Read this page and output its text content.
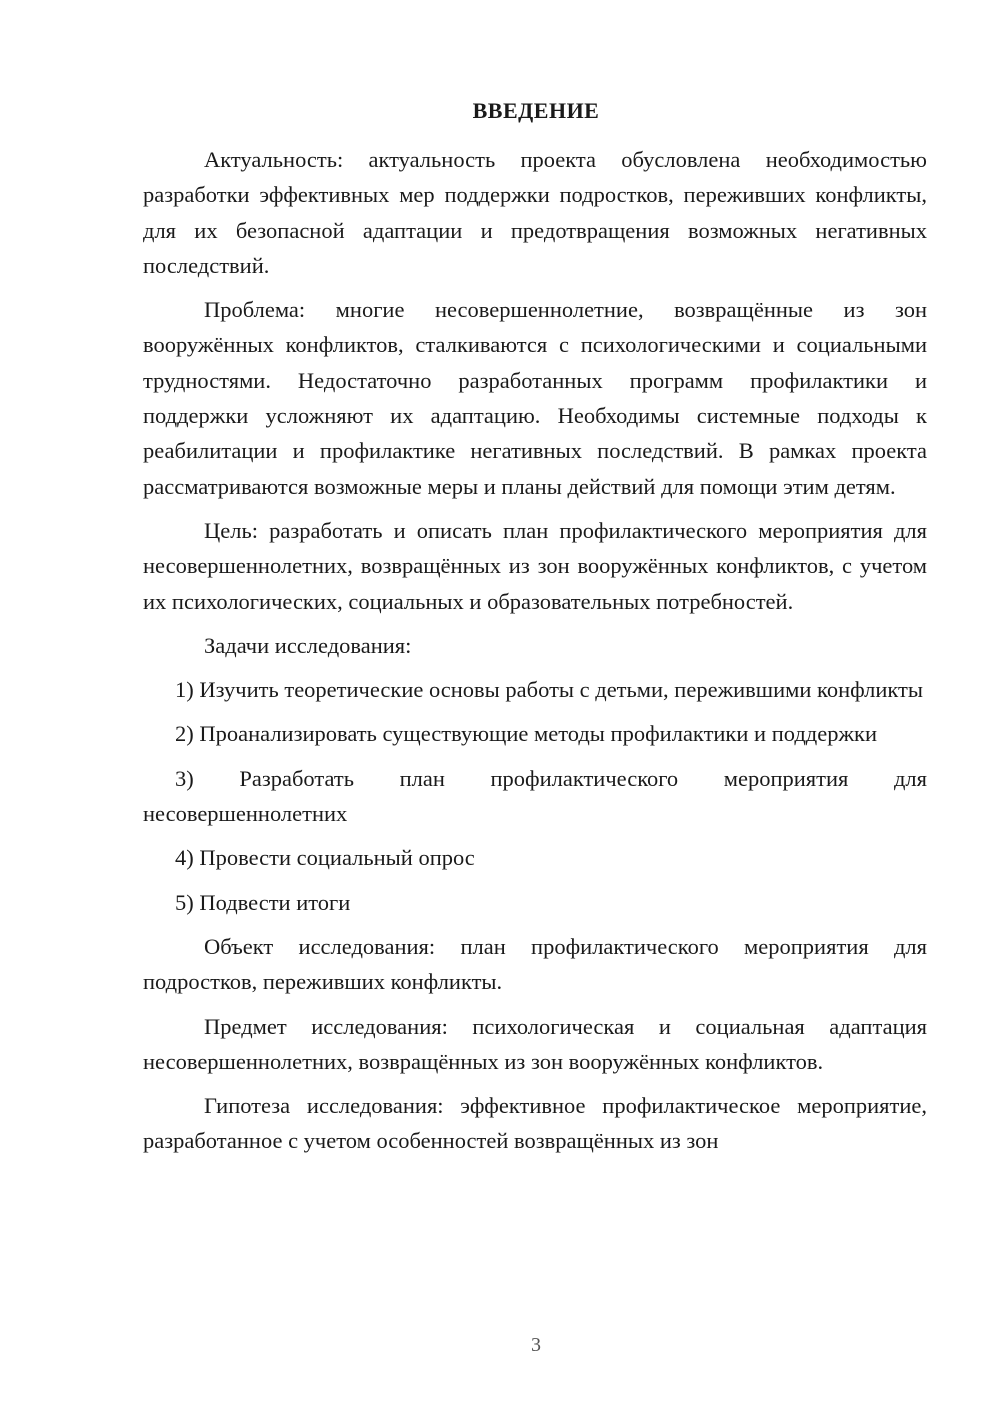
ВВЕДЕНИЕ

Актуальность: актуальность проекта обусловлена необходимостью разработки эффективных мер поддержки подростков, переживших конфликты, для их безопасной адаптации и предотвращения возможных негативных последствий.

Проблема: многие несовершеннолетние, возвращённые из зон вооружённых конфликтов, сталкиваются с психологическими и социальными трудностями. Недостаточно разработанных программ профилактики и поддержки усложняют их адаптацию. Необходимы системные подходы к реабилитации и профилактике негативных последствий. В рамках проекта рассматриваются возможные меры и планы действий для помощи этим детям.

Цель: разработать и описать план профилактического мероприятия для несовершеннолетних, возвращённых из зон вооружённых конфликтов, с учетом их психологических, социальных и образовательных потребностей.

Задачи исследования:

1) Изучить теоретические основы работы с детьми, пережившими конфликты

2) Проанализировать существующие методы профилактики и поддержки

3) Разработать план профилактического мероприятия для несовершеннолетних

4) Провести социальный опрос

5) Подвести итоги

Объект исследования: план профилактического мероприятия для подростков, переживших конфликты.

Предмет исследования: психологическая и социальная адаптация несовершеннолетних, возвращённых из зон вооружённых конфликтов.

Гипотеза исследования: эффективное профилактическое мероприятие, разработанное с учетом особенностей возвращённых из зон

3
